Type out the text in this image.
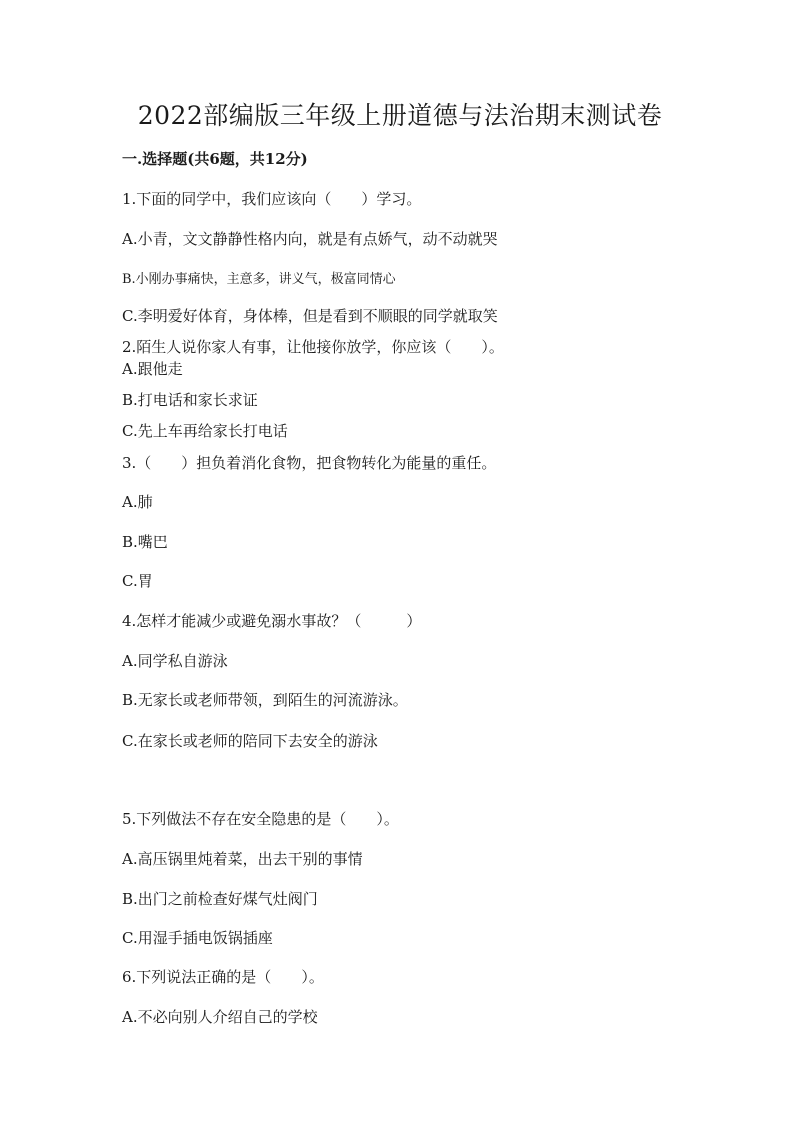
2022部编版三年级上册道德与法治期末测试卷
一.选择题(共6题，共12分)
1.下面的同学中，我们应该向（　　）学习。
A.小青，文文静静性格内向，就是有点娇气，动不动就哭
B.小刚办事痛快，主意多，讲义气，极富同情心
C.李明爱好体育，身体棒，但是看到不顺眼的同学就取笑
2.陌生人说你家人有事，让他接你放学，你应该（　　）。
A.跟他走
B.打电话和家长求证
C.先上车再给家长打电话
3.（　　）担负着消化食物，把食物转化为能量的重任。
A.肺
B.嘴巴
C.胃
4.怎样才能减少或避免溺水事故？（　　　）
A.同学私自游泳
B.无家长或老师带领，到陌生的河流游泳。
C.在家长或老师的陪同下去安全的游泳
5.下列做法不存在安全隐患的是（　　）。
A.高压锅里炖着菜，出去干别的事情
B.出门之前检查好煤气灶阀门
C.用湿手插电饭锅插座
6.下列说法正确的是（　　）。
A.不必向别人介绍自己的学校
